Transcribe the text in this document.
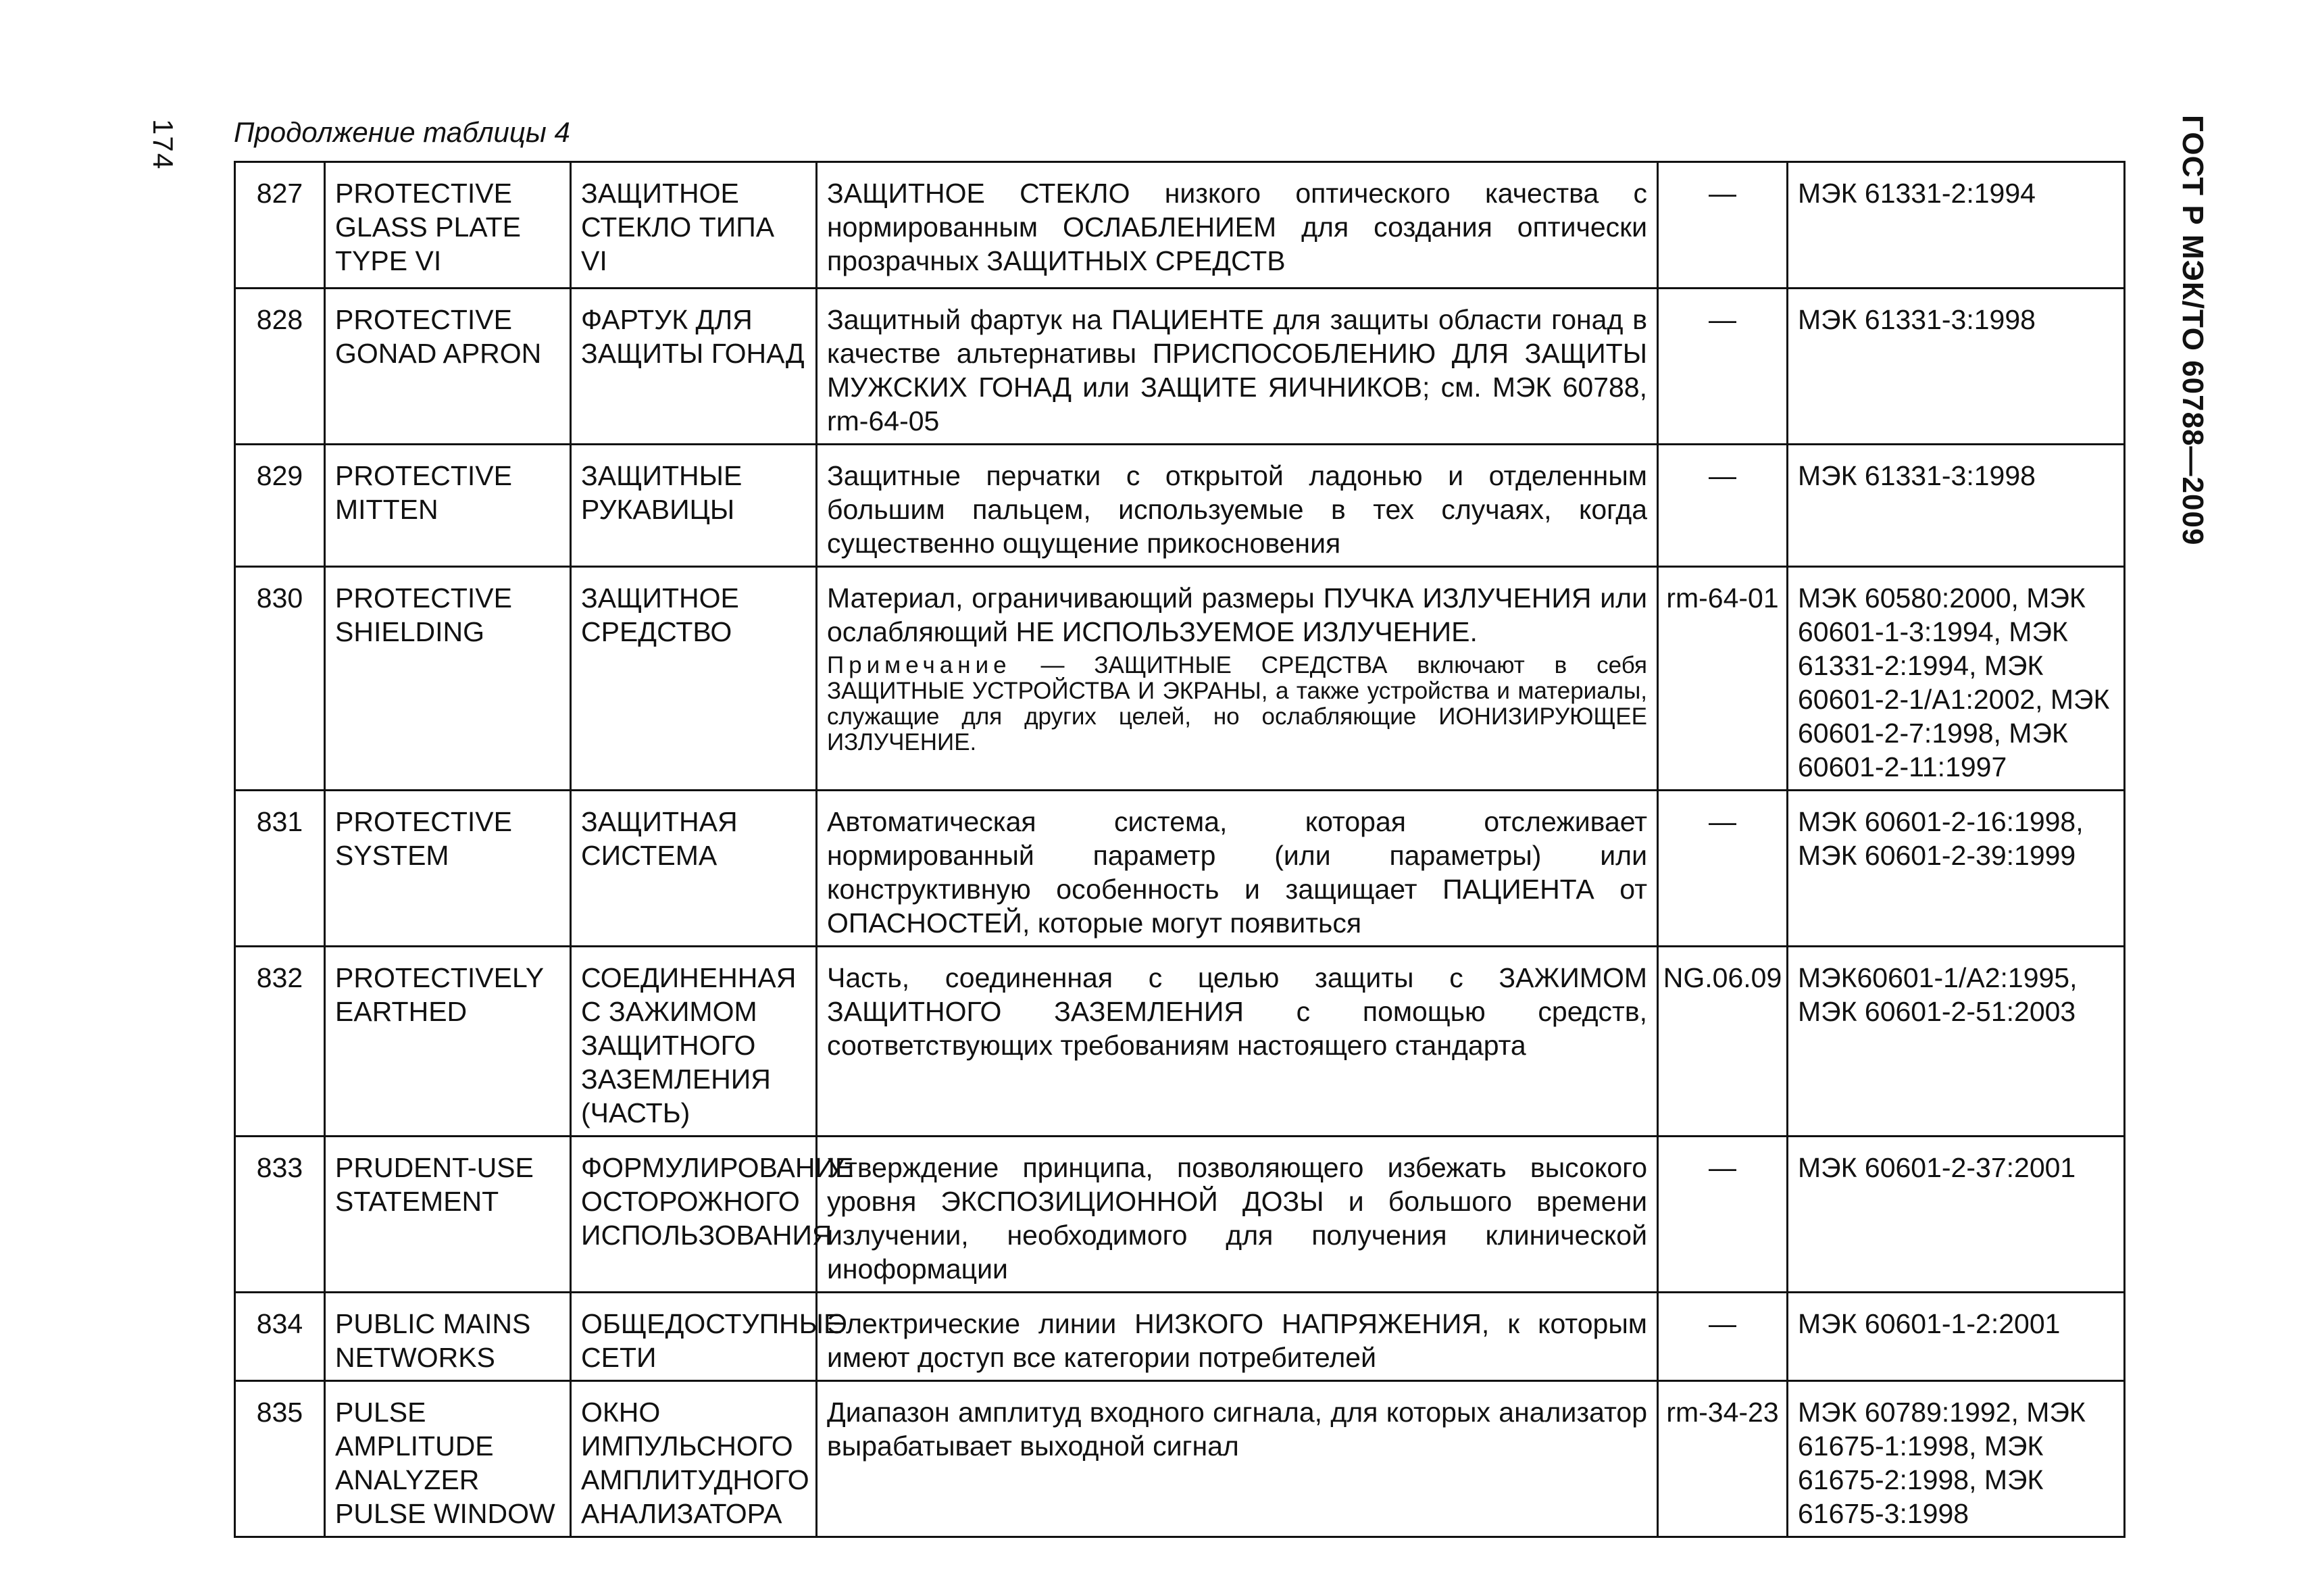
174 Продолжение таблицы 4	ГОСТ Р МЭК/ТО 60788—2009
827	PROTECTIVE GLASS PLATE TYPE VI	ЗАЩИТНОЕ СТЕКЛО ТИПА VI	ЗАЩИТНОЕ СТЕКЛО низкого оптического качества с нормированным ОСЛАБЛЕНИЕМ для создания оптически прозрачных ЗАЩИТНЫХ СРЕДСТВ	—	МЭК 61331-2:1994
828	PROTECTIVE GONAD APRON	ФАРТУК ДЛЯ ЗАЩИТЫ ГОНАД	Защитный фартук на ПАЦИЕНТЕ для защиты области гонад в качестве альтернативы ПРИСПОСОБЛЕНИЮ ДЛЯ ЗАЩИТЫ МУЖСКИХ ГОНАД или ЗАЩИТЕ ЯИЧНИКОВ; см. МЭК 60788, rm-64-05	—	МЭК 61331-3:1998
829	PROTECTIVE MITTEN	ЗАЩИТНЫЕ РУКАВИЦЫ	Защитные перчатки с открытой ладонью и отделенным большим пальцем, используемые в тех случаях, когда существенно ощущение прикосновения	—	МЭК 61331-3:1998
830	PROTECTIVE SHIELDING	ЗАЩИТНОЕ СРЕДСТВО	Материал, ограничивающий размеры ПУЧКА ИЗЛУЧЕНИЯ или ослабляющий НЕ ИСПОЛЬЗУЕМОЕ ИЗЛУЧЕНИЕ.
Примечание — ЗАЩИТНЫЕ СРЕДСТВА включают в себя ЗАЩИТНЫЕ УСТРОЙСТВА И ЭКРАНЫ, а также устройства и материалы, служащие для других целей, но ослабляющие ИОНИЗИРУЮЩЕЕ ИЗЛУЧЕНИЕ.	rm-64-01	МЭК 60580:2000, МЭК 60601-1-3:1994, МЭК 61331-2:1994, МЭК 60601-2-1/А1:2002, МЭК 60601-2-7:1998, МЭК 60601-2-11:1997
831	PROTECTIVE SYSTEM	ЗАЩИТНАЯ СИСТЕМА	Автоматическая система, которая отслеживает нормированный параметр (или параметры) или конструктивную особенность и защищает ПАЦИЕНТА от ОПАСНОСТЕЙ, которые могут появиться	—	МЭК 60601-2-16:1998, МЭК 60601-2-39:1999
832	PROTECTIVELY EARTHED	СОЕДИНЕННАЯ С ЗАЖИМОМ ЗАЩИТНОГО ЗАЗЕМЛЕНИЯ (ЧАСТЬ)	Часть, соединенная с целью защиты с ЗАЖИМОМ ЗАЩИТНОГО ЗАЗЕМЛЕНИЯ с помощью средств, соответствующих требованиям настоящего стандарта	NG.06.09	МЭК60601-1/А2:1995, МЭК 60601-2-51:2003
833	PRUDENT-USE STATEMENT	ФОРМУЛИРОВАНИЕ ОСТОРОЖНОГО ИСПОЛЬЗОВАНИЯ	Утверждение принципа, позволяющего избежать высокого уровня ЭКСПОЗИЦИОННОЙ ДОЗЫ и большого времени излучении, необходимого для получения клинической иноформации	—	МЭК 60601-2-37:2001
834	PUBLIC MAINS NETWORKS	ОБЩЕДОСТУПНЫЕ СЕТИ	Электрические линии НИЗКОГО НАПРЯЖЕНИЯ, к которым имеют доступ все категории потребителей	—	МЭК 60601-1-2:2001
835	PULSE AMPLITUDE ANALYZER PULSE WINDOW	ОКНО ИМПУЛЬСНОГО АМПЛИТУДНОГО АНАЛИЗАТОРА	Диапазон амплитуд входного сигнала, для которых анализатор вырабатывает выходной сигнал	rm-34-23	МЭК 60789:1992, МЭК 61675-1:1998, МЭК 61675-2:1998, МЭК 61675-3:1998
